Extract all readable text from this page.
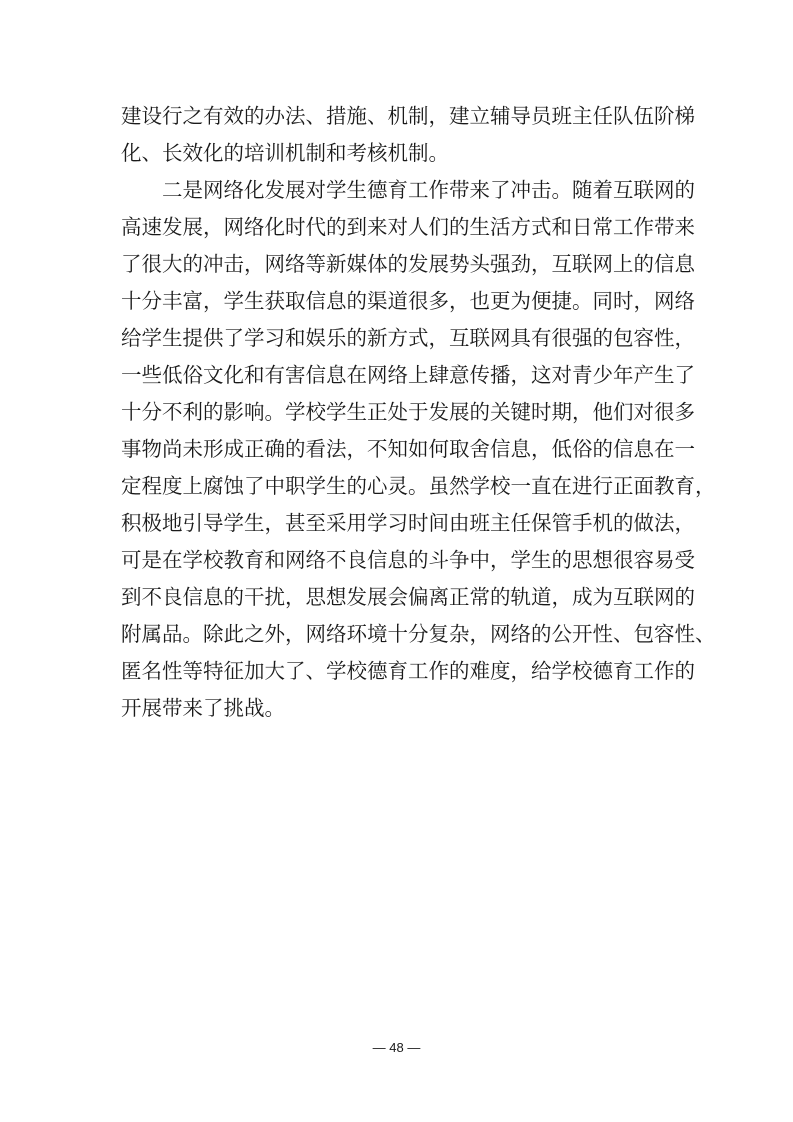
建设行之有效的办法、措施、机制，建立辅导员班主任队伍阶梯
化、长效化的培训机制和考核机制。
二是网络化发展对学生德育工作带来了冲击。随着互联网的
高速发展，网络化时代的到来对人们的生活方式和日常工作带来
了很大的冲击，网络等新媒体的发展势头强劲，互联网上的信息
十分丰富，学生获取信息的渠道很多，也更为便捷。同时，网络
给学生提供了学习和娱乐的新方式，互联网具有很强的包容性，
一些低俗文化和有害信息在网络上肆意传播，这对青少年产生了
十分不利的影响。学校学生正处于发展的关键时期，他们对很多
事物尚未形成正确的看法，不知如何取舍信息，低俗的信息在一
定程度上腐蚀了中职学生的心灵。虽然学校一直在进行正面教育，
积极地引导学生，甚至采用学习时间由班主任保管手机的做法，
可是在学校教育和网络不良信息的斗争中，学生的思想很容易受
到不良信息的干扰，思想发展会偏离正常的轨道，成为互联网的
附属品。除此之外，网络环境十分复杂，网络的公开性、包容性、
匿名性等特征加大了、学校德育工作的难度，给学校德育工作的
开展带来了挑战。
— 48 —
